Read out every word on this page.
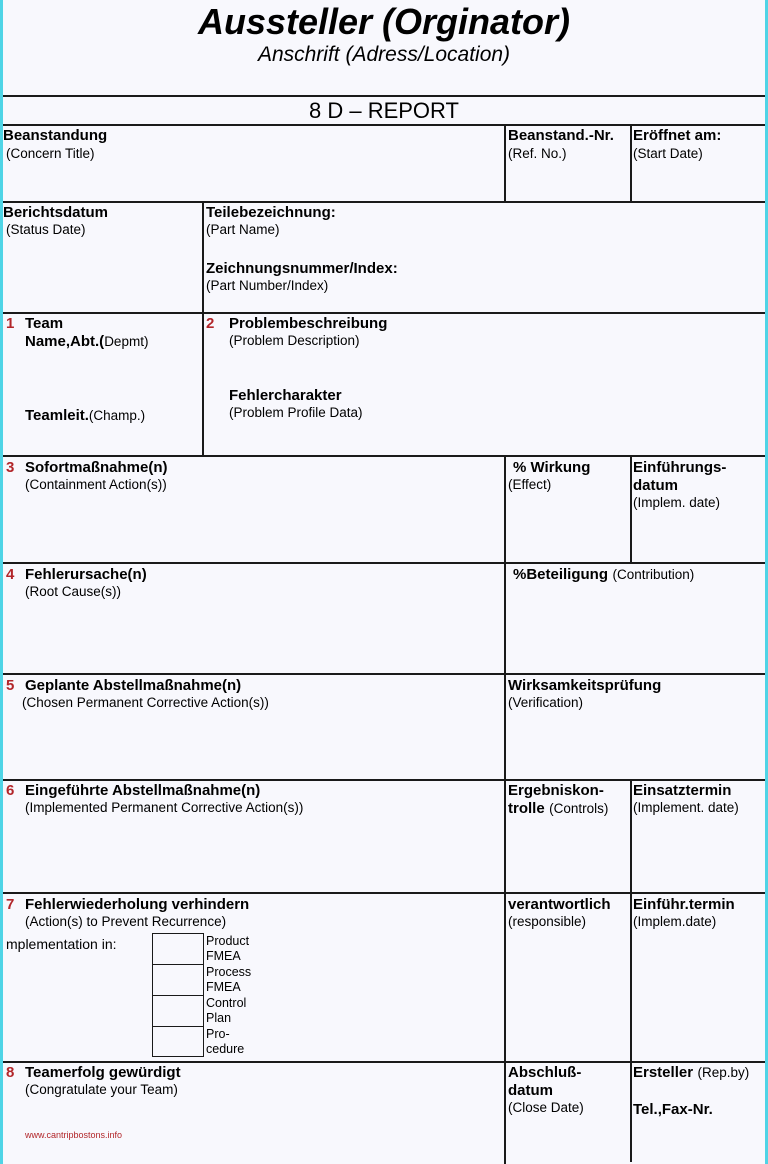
Aussteller (Orginator)
Anschrift (Adress/Location)
8 D – REPORT
Beanstandung
(Concern Title)
Beanstand.-Nr.
(Ref. No.)
Eröffnet am:
(Start Date)
Berichtsdatum
(Status Date)
Teilebezeichnung:
(Part Name)
Zeichnungsnummer/Index:
(Part Number/Index)
1 Team
Name,Abt.(Depmt)
Teamleit.(Champ.)
2 Problembeschreibung
(Problem Description)
Fehlercharakter
(Problem Profile Data)
3 Sofortmaßnahme(n)
(Containment Action(s))
% Wirkung
(Effect)
Einführungs-
datum
(Implem. date)
4 Fehlerursache(n)
(Root Cause(s))
%Beteiligung (Contribution)
5 Geplante Abstellmaßnahme(n)
(Chosen Permanent Corrective Action(s))
Wirksamkeitsprüfung
(Verification)
6 Eingeführte Abstellmaßnahme(n)
(Implemented Permanent Corrective Action(s))
Ergebniskon-
trolle (Controls)
Einsatztermin
(Implement. date)
7 Fehlerwiederholung verhindern
(Action(s) to Prevent Recurrence)
mplementation in:	Product
FMEA
Process
FMEA
Control
Plan
Pro-
cedure
verantwortlich
(responsible)
Einführ.termin
(Implem.date)
8 Teamerfolg gewürdigt
(Congratulate your Team)
www.cantripbostons.info
Abschluß-
datum
(Close Date)
Ersteller (Rep.by)
Tel.,Fax-Nr.
